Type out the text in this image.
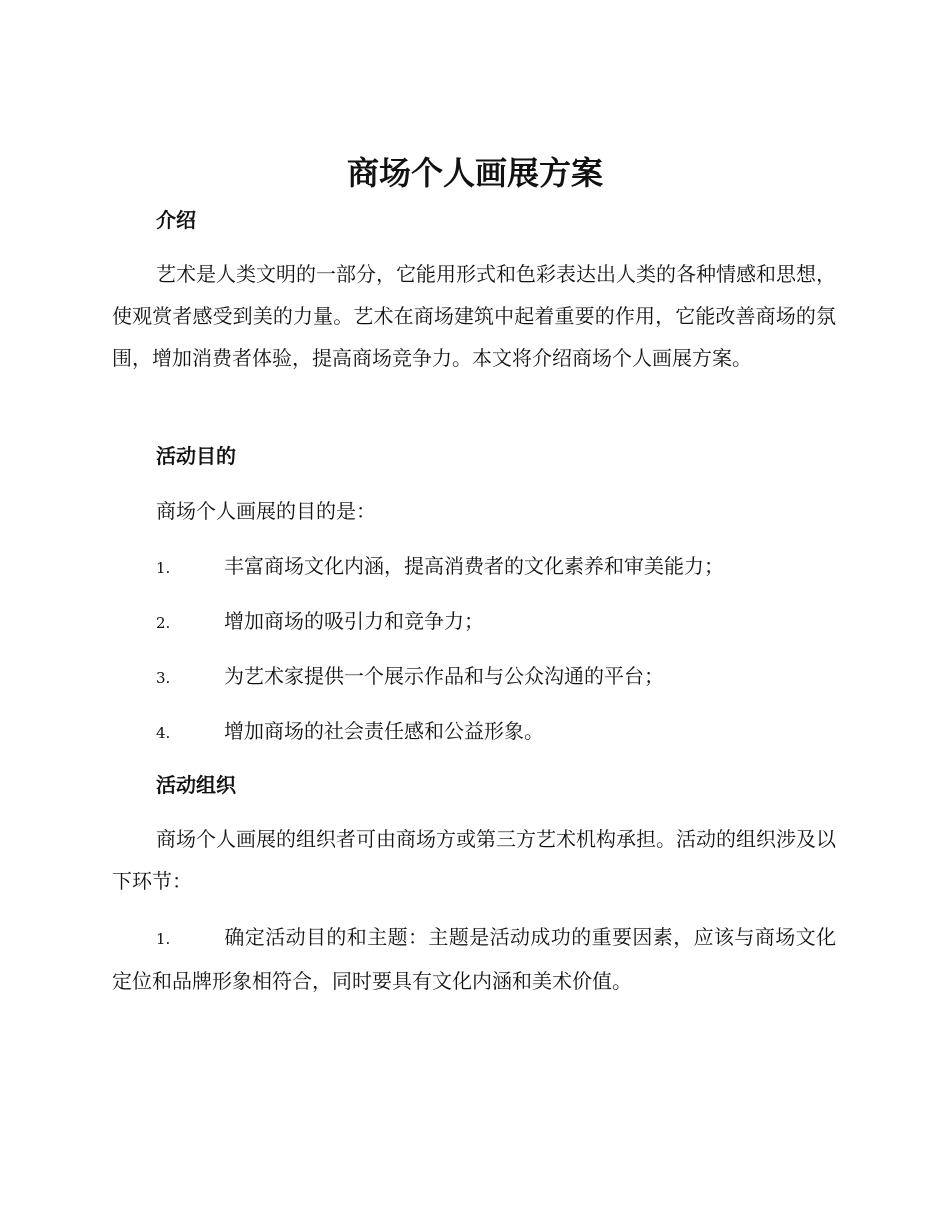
商场个人画展方案
介绍

艺术是人类文明的一部分，它能用形式和色彩表达出人类的各种情感和思想，使观赏者感受到美的力量。艺术在商场建筑中起着重要的作用，它能改善商场的氛围，增加消费者体验，提高商场竞争力。本文将介绍商场个人画展方案。

活动目的

商场个人画展的目的是：

1.	丰富商场文化内涵，提高消费者的文化素养和审美能力；
2.	增加商场的吸引力和竞争力；
3.	为艺术家提供一个展示作品和与公众沟通的平台；
4.	增加商场的社会责任感和公益形象。
活动组织

商场个人画展的组织者可由商场方或第三方艺术机构承担。活动的组织涉及以下环节：

1.	确定活动目的和主题：主题是活动成功的重要因素，应该与商场文化定位和品牌形象相符合，同时要具有文化内涵和美术价值。
